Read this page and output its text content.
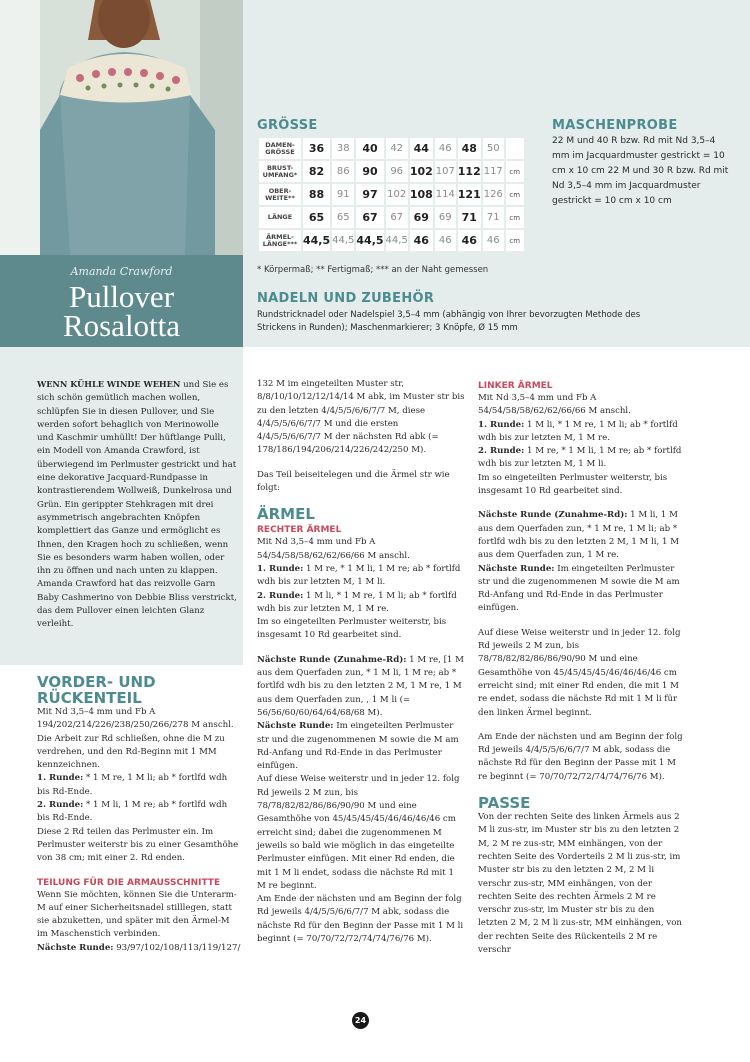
Amanda Crawford
Pullover
Rosalotta
GRÖSSE
DAMEN-GRÖSSE	36	38	40	42	44	46	48	50	
BRUST-UMFANG*	82	86	90	96	102	107	112	117	cm
OBER-WEITE**	88	91	97	102	108	114	121	126	cm
LÄNGE	65	65	67	67	69	69	71	71	cm
ÄRMEL-LÄNGE***	44,5	44,5	44,5	44,5	46	46	46	46	cm
* Körpermaß; ** Fertigmaß; *** an der Naht gemessen
MASCHENPROBE
22 M und 40 R bzw. Rd mit Nd 3,5–4 mm im Jacquardmuster gestrickt = 10 cm x 10 cm 22 M und 30 R bzw. Rd mit Nd 3,5–4 mm im Jacquardmuster gestrickt = 10 cm x 10 cm
NADELN UND ZUBEHÖR
Rundstricknadel oder Nadelspiel 3,5–4 mm (abhängig von Ihrer bevorzugten Methode des Strickens in Runden); Maschenmarkierer; 3 Knöpfe, Ø 15 mm
WENN KÜHLE WINDE WEHEN und Sie es sich schön gemütlich machen wollen, schlüpfen Sie in diesen Pullover, und Sie werden sofort behaglich von Merinowolle und Kaschmir umhüllt! Der hüftlange Pulli, ein Modell von Amanda Crawford, ist überwiegend im Perlmuster gestrickt und hat eine dekorative Jacquard-Rundpasse in kontrastierendem Wollweiß, Dunkelrosa und Grün. Ein gerippter Stehkragen mit drei asymmetrisch angebrachten Knöpfen komplettiert das Ganze und ermöglicht es Ihnen, den Kragen hoch zu schließen, wenn Sie es besonders warm haben wollen, oder ihn zu öffnen und nach unten zu klappen. Amanda Crawford hat das reizvolle Garn Baby Cashmerino von Debbie Bliss verstrickt, das dem Pullover einen leichten Glanz verleiht.
VORDER- UND RÜCKENTEIL

Mit Nd 3,5–4 mm und Fb A 194/202/214/226/238/250/266/278 M anschl.

Die Arbeit zur Rd schließen, ohne die M zu verdrehen, und den Rd-Beginn mit 1 MM kennzeichnen.

1. Runde: * 1 M re, 1 M li; ab * fortlfd wdh bis Rd-Ende.

2. Runde: * 1 M li, 1 M re; ab * fortlfd wdh bis Rd-Ende.

Diese 2 Rd teilen das Perlmuster ein. Im Perlmuster weiterstr bis zu einer Gesamthöhe von 38 cm; mit einer 2. Rd enden.

TEILUNG FÜR DIE ARMAUSSCHNITTE

Wenn Sie möchten, können Sie die Unterarm-M auf einer Sicherheitsnadel stilllegen, statt sie abzuketten, und später mit den Ärmel-M im Maschenstich verbinden.

Nächste Runde: 93/97/102/108/113/119/127/

132 M im eingeteilten Muster str, 8/8/10/10/12/12/14/14 M abk, im Muster str bis zu den letzten 4/4/5/5/6/6/7/7 M, diese 4/4/5/5/6/6/7/7 M und die ersten 4/4/5/5/6/6/7/7 M der nächsten Rd abk (= 178/186/194/206/214/226/242/250 M).

Das Teil beiseitelegen und die Ärmel str wie folgt:

ÄRMEL
RECHTER ÄRMEL

Mit Nd 3,5–4 mm und Fb A 54/54/58/58/62/62/66/66 M anschl.

1. Runde: 1 M re, * 1 M li, 1 M re; ab * fortlfd wdh bis zur letzten M, 1 M li.

2. Runde: 1 M li, * 1 M re, 1 M li; ab * fortlfd wdh bis zur letzten M, 1 M re.

Im so eingeteilten Perlmuster weiterstr, bis insgesamt 10 Rd gearbeitet sind.

Nächste Runde (Zunahme-Rd): 1 M re, [1 M aus dem Querfaden zun, * 1 M li, 1 M re; ab * fortlfd wdh bis zu den letzten 2 M, 1 M re, 1 M aus dem Querfaden zun, , 1 M li (= 56/56/60/60/64/64/68/68 M).

Nächste Runde: Im eingeteilten Perlmuster str und die zugenommenen M sowie die M am Rd-Anfang und Rd-Ende in das Perlmuster einfügen.

Auf diese Weise weiterstr und in jeder 12. folg Rd jeweils 2 M zun, bis 78/78/82/82/86/86/90/90 M und eine Gesamthöhe von 45/45/45/45/46/46/46/46 cm erreicht sind; dabei die zugenommenen M jeweils so bald wie möglich in das eingeteilte Perlmuster einfügen. Mit einer Rd enden, die mit 1 M li endet, sodass die nächste Rd mit 1 M re beginnt.

Am Ende der nächsten und am Beginn der folg Rd jeweils 4/4/5/5/6/6/7/7 M abk, sodass die nächste Rd für den Beginn der Passe mit 1 M li beginnt (= 70/70/72/72/74/74/76/76 M).

LINKER ÄRMEL

Mit Nd 3,5–4 mm und Fb A 54/54/58/58/62/62/66/66 M anschl.

1. Runde: 1 M li, * 1 M re, 1 M li; ab * fortlfd wdh bis zur letzten M, 1 M re.

2. Runde: 1 M re, * 1 M li, 1 M re; ab * fortlfd wdh bis zur letzten M, 1 M li.

Im so eingeteilten Perlmuster weiterstr, bis insgesamt 10 Rd gearbeitet sind.

Nächste Runde (Zunahme-Rd): 1 M li, 1 M aus dem Querfaden zun, * 1 M re, 1 M li; ab * fortlfd wdh bis zu den letzten 2 M, 1 M li, 1 M aus dem Querfaden zun, 1 M re.

Nächste Runde: Im eingeteilten Perlmuster str und die zugenommenen M sowie die M am Rd-Anfang und Rd-Ende in das Perlmuster einfügen.

Auf diese Weise weiterstr und in jeder 12. folg Rd jeweils 2 M zun, bis 78/78/82/82/86/86/90/90 M und eine Gesamthöhe von 45/45/45/45/46/46/46/46 cm erreicht sind; mit einer Rd enden, die mit 1 M re endet, sodass die nächste Rd mit 1 M li für den linken Ärmel beginnt.

Am Ende der nächsten und am Beginn der folg Rd jeweils 4/4/5/5/6/6/7/7 M abk, sodass die nächste Rd für den Beginn der Passe mit 1 M re beginnt (= 70/70/72/72/74/74/76/76 M).

PASSE

Von der rechten Seite des linken Ärmels aus 2 M li zus-str, im Muster str bis zu den letzten 2 M, 2 M re zus-str, MM einhängen, von der rechten Seite des Vorderteils 2 M li zus-str, im Muster str bis zu den letzten 2 M, 2 M li verschr zus-str, MM einhängen, von der rechten Seite des rechten Ärmels 2 M re verschr zus-str, im Muster str bis zu den letzten 2 M, 2 M li zus-str, MM einhängen, von der rechten Seite des Rückenteils 2 M re verschr

24
